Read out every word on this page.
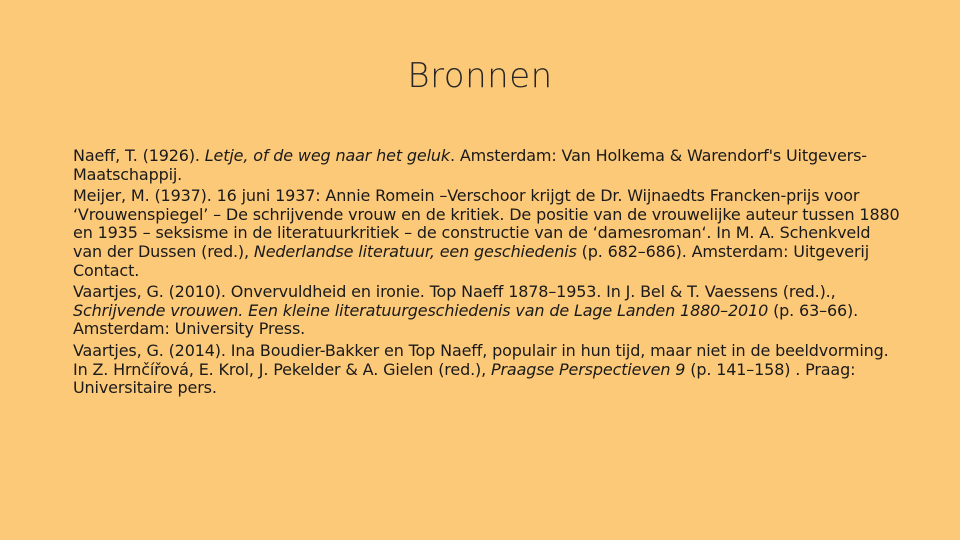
Bronnen

Naeff, T. (1926). Letje, of de weg naar het geluk. Amsterdam: Van Holkema & Warendorf's Uitgevers-Maatschappij.

Meijer, M. (1937). 16 juni 1937: Annie Romein –Verschoor krijgt de Dr. Wijnaedts Francken-prijs voor ‘Vrouwenspiegel’ – De schrijvende vrouw en de kritiek. De positie van de vrouwelijke auteur tussen 1880 en 1935 – seksisme in de literatuurkritiek – de constructie van de ‘damesroman‘. In M. A. Schenkveld van der Dussen (red.), Nederlandse literatuur, een geschiedenis (p. 682–686). Amsterdam: Uitgeverij Contact.

Vaartjes, G. (2010). Onvervuldheid en ironie. Top Naeff 1878–1953. In J. Bel & T. Vaessens (red.)., Schrijvende vrouwen. Een kleine literatuurgeschiedenis van de Lage Landen 1880–2010 (p. 63–66). Amsterdam: University Press.

Vaartjes, G. (2014). Ina Boudier-Bakker en Top Naeff, populair in hun tijd, maar niet in de beeldvorming. In Z. Hrnčířová, E. Krol, J. Pekelder & A. Gielen (red.), Praagse Perspectieven 9 (p. 141–158) . Praag: Universitaire pers.
